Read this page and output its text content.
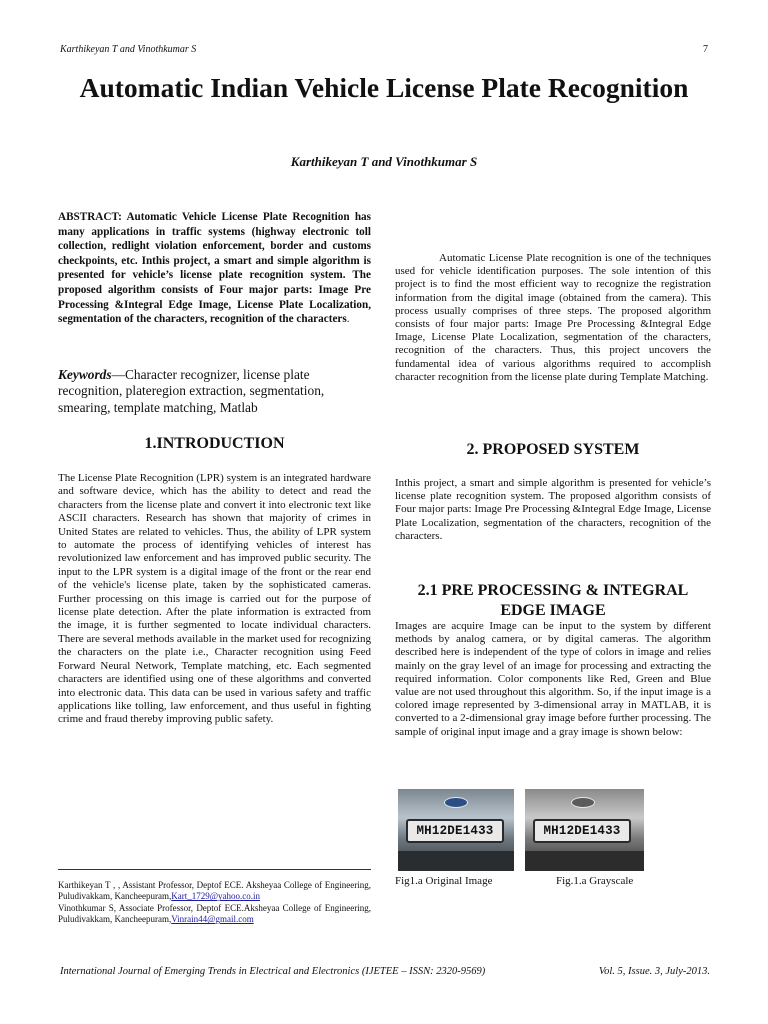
Karthikeyan T and Vinothkumar S	7
Automatic Indian Vehicle License Plate Recognition
Karthikeyan T and Vinothkumar S
ABSTRACT: Automatic Vehicle License Plate Recognition has many applications in traffic systems (highway electronic toll collection, redlight violation enforcement, border and customs checkpoints, etc. Inthis project, a smart and simple algorithm is presented for vehicle’s license plate recognition system. The proposed algorithm consists of Four major parts: Image Pre Processing &Integral Edge Image, License Plate Localization, segmentation of the characters, recognition of the characters.
Keywords—Character recognizer, license plate recognition, plateregion extraction, segmentation, smearing, template matching, Matlab
1.INTRODUCTION
The License Plate Recognition (LPR) system is an integrated hardware and software device, which has the ability to detect and read the characters from the license plate and convert it into electronic text like ASCII characters. Research has shown that majority of crimes in United States are related to vehicles. Thus, the ability of LPR system to automate the process of identifying vehicles of interest has revolutionized law enforcement and has improved public security. The input to the LPR system is a digital image of the front or the rear end of the vehicle's license plate, taken by the sophisticated cameras. Further processing on this image is carried out for the purpose of license plate detection. After the plate information is extracted from the image, it is further segmented to locate individual characters. There are several methods available in the market used for recognizing the characters on the plate i.e., Character recognition using Feed Forward Neural Network, Template matching, etc. Each segmented characters are identified using one of these algorithms and converted into electronic data. This data can be used in various safety and traffic applications like tolling, law enforcement, and thus useful in fighting crime and fraud thereby improving public safety.
Automatic License Plate recognition is one of the techniques used for vehicle identification purposes. The sole intention of this project is to find the most efficient way to recognize the registration information from the digital image (obtained from the camera). This process usually comprises of three steps. The proposed algorithm consists of four major parts: Image Pre Processing &Integral Edge Image, License Plate Localization, segmentation of the characters, recognition of the characters. Thus, this project uncovers the fundamental idea of various algorithms required to accomplish character recognition from the license plate during Template Matching.
2. PROPOSED SYSTEM
Inthis project, a smart and simple algorithm is presented for vehicle’s license plate recognition system. The proposed algorithm consists of Four major parts: Image Pre Processing &Integral Edge Image, License Plate Localization, segmentation of the characters, recognition of the characters.
2.1 PRE PROCESSING & INTEGRAL EDGE IMAGE
Images are acquire Image can be input to the system by different methods by analog camera, or by digital cameras. The algorithm described here is independent of the type of colors in image and relies mainly on the gray level of an image for processing and extracting the required information. Color components like Red, Green and Blue value are not used throughout this algorithm. So, if the input image is a colored image represented by 3-dimensional array in MATLAB, it is converted to a 2-dimensional gray image before further processing. The sample of original input image and a gray image is shown below:
MH12DE1433	MH12DE1433
Fig1.a Original Image	Fig.1.a Grayscale
Karthikeyan T , , Assistant Professor, Deptof ECE. Aksheyaa College of Engineering, Puludivakkam, Kancheepuram,Kart_1729@yahoo.co.in
Vinothkumar S, Associate Professor, Deptof ECE.Aksheyaa College of Engineering, Puludivakkam, Kancheepuram,Vinrain44@gmail.com
International Journal of Emerging Trends in Electrical and Electronics (IJETEE – ISSN: 2320-9569)	Vol. 5, Issue. 3, July-2013.
